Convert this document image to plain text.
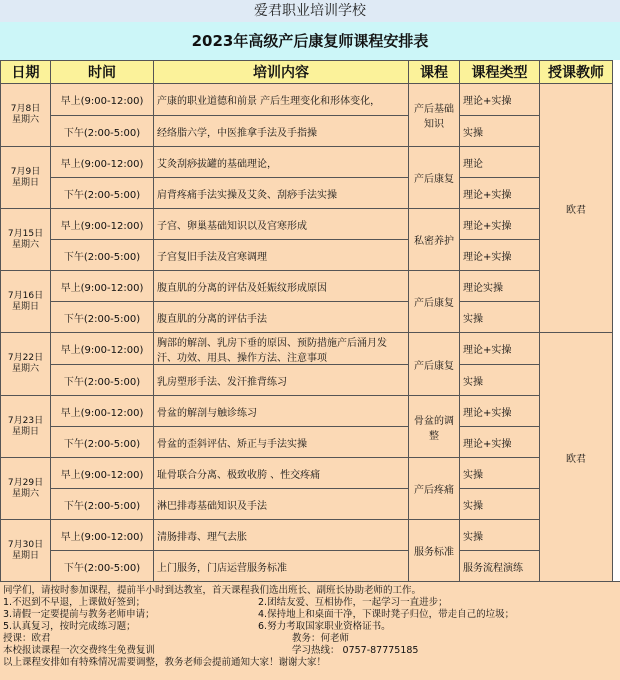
爱君职业培训学校
2023年高级产后康复师课程安排表
日期	时间	培训内容	课程	课程类型	授课教师
7月8日
星期六	早上(9:00-12:00)	产康的职业道德和前景 产后生理变化和形体变化，	产后基础知识	理论+实操	欧君
	下午(2:00-5:00)	经络脂六学，中医推拿手法及手指操		实操	
7月9日
星期日	早上(9:00-12:00)	艾灸刮痧拔罐的基础理论，	产后康复	理论	
	下午(2:00-5:00)	肩背疼痛手法实操及艾灸、刮痧手法实操		理论+实操	
7月15日
星期六	早上(9:00-12:00)	子宫、卵巢基础知识以及宫寒形成	私密养护	理论+实操	
	下午(2:00-5:00)	子宫复旧手法及宫寒调理		理论+实操	
7月16日
星期日	早上(9:00-12:00)	腹直肌的分离的评估及妊娠纹形成原因	产后康复	理论实操	
	下午(2:00-5:00)	腹直肌的分离的评估手法		实操	
7月22日
星期六	早上(9:00-12:00)	胸部的解剖、乳房下垂的原因、预防措施产后涌月发汗、功效、用具、操作方法、注意事项	产后康复	理论+实操	欧君
	下午(2:00-5:00)	乳房塑形手法、发汗推背练习		实操	
7月23日
星期日	早上(9:00-12:00)	骨盆的解剖与触诊练习	骨盆的调整	理论+实操	
	下午(2:00-5:00)	骨盆的歪斜评估、矫正与手法实操		理论+实操	
7月29日
星期六	早上(9:00-12:00)	耻骨联合分离、极致收胯 、性交疼痛	产后疼痛	实操	
	下午(2:00-5:00)	淋巴排毒基础知识及手法		实操	
7月30日
星期日	早上(9:00-12:00)	清肠排毒、理气去胀	服务标准	实操	
	下午(2:00-5:00)	上门服务，门店运营服务标准		服务流程演练	
同学们，请按时参加课程，提前半小时到达教室，首天课程我们选出班长、副班长协助老师的工作。
1.不迟到不早退，上课做好签到；	2.团结友爱、互相协作，一起学习一直进步；
3.请假一定要提前与教务老师申请；	4.保持地上和桌面干净，下课时凳子归位，带走自己的垃圾；
5.认真复习，按时完成练习题；	6.努力考取国家职业资格证书。
授课：欧君	教务：何老师
本校报读课程一次交费终生免费复训	学习热线： 0757-87775185
以上课程安排如有特殊情况需要调整，教务老师会提前通知大家！谢谢大家！
